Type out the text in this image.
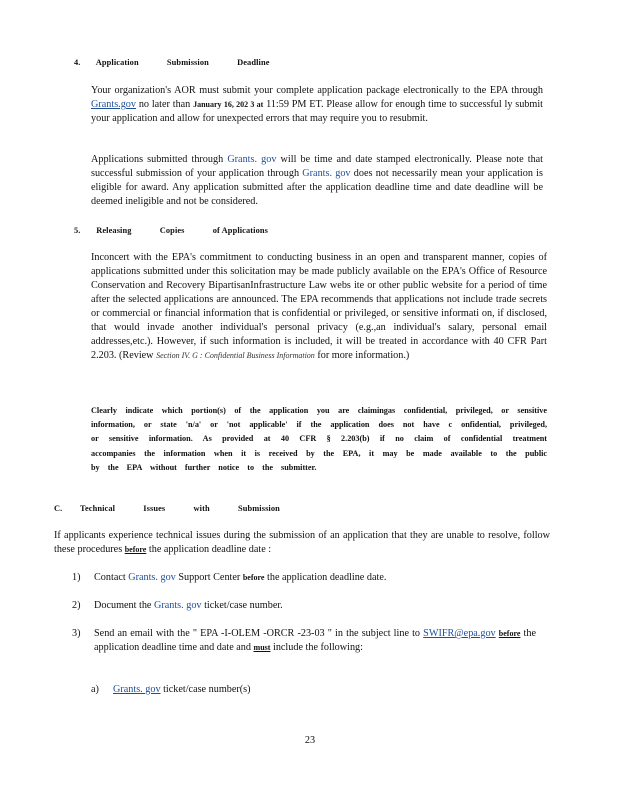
4. Application	Submission	Deadline
Your organization's AOR must submit your complete application package electronically to the EPA through Grants.gov no later than January 16, 202 3 at 11:59 PM ET. Please allow for enough time to successful ly submit your application and allow for unexpected errors that may require you to resubmit.
Applications submitted through Grants. gov will be time and date stamped electronically. Please note that successful submission of your application through Grants. gov does not necessarily mean your application is eligible for award. Any application submitted after the application deadline time and date deadline will be deemed ineligible and not be considered.
5. Releasing	Copies	of Applications
Inconcert with the EPA's commitment to conducting business in an open and transparent manner, copies of applications submitted under this solicitation may be made publicly available on the EPA's Office of Resource Conservation and Recovery BipartisanInfrastructure Law webs ite or other public website for a period of time after the selected applications are announced. The EPA recommends that applications not include trade secrets or commercial or financial information that is confidential or privileged, or sensitive informati on, if disclosed, that would invade another individual's personal privacy (e.g.,an individual's salary, personal email addresses,etc.). However, if such information is included, it will be treated in accordance with 40 CFR Part 2.203. (Review Section IV. G : Confidential Business Information for more information.)
Clearly indicate which portion(s) of the application you are claimingas confidential, privileged, or sensitive information, or state 'n/a' or 'not applicable' if the application does not have c onfidential, privileged, or sensitive information. As provided at 40 CFR § 2.203(b) if no claim of confidential treatment accompanies the information when it is received by the EPA, it may be made available to the public by the EPA without further notice to the submitter.
C. Technical	Issues	with	Submission
If applicants experience technical issues during the submission of an application that they are unable to resolve, follow these procedures before the application deadline date :
1) Contact Grants. gov Support Center before the application deadline date.
2) Document the Grants. gov ticket/case number.
3) Send an email with the " EPA -I-OLEM -ORCR -23-03 " in the subject line to SWIFR@epa.gov before the application deadline time and date and must include the following:
a) Grants. gov ticket/case number(s)
23
